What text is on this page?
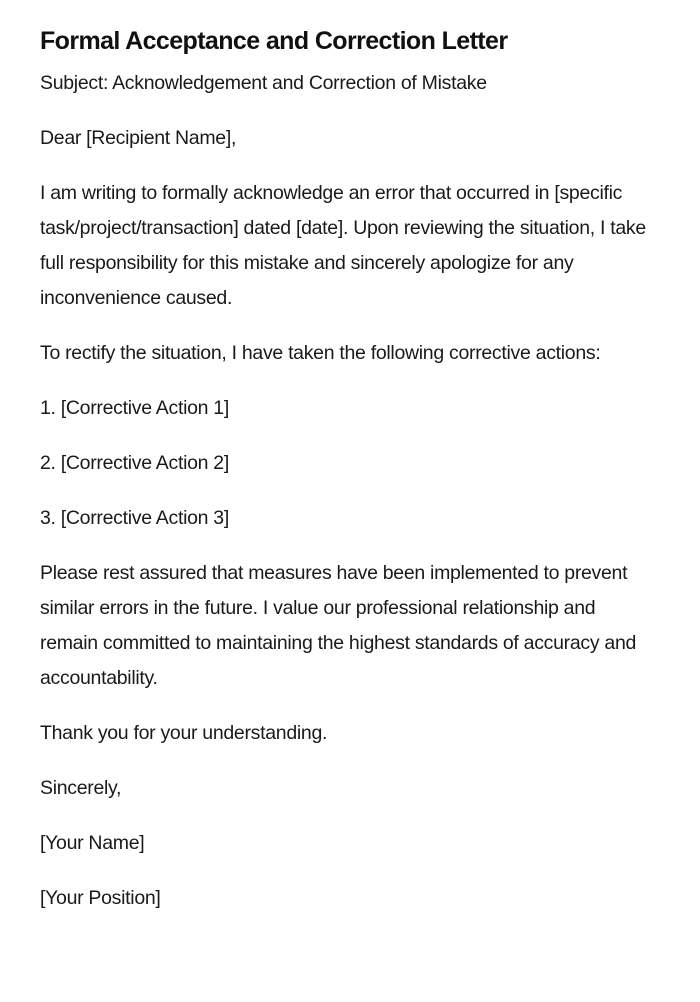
Formal Acceptance and Correction Letter

Subject: Acknowledgement and Correction of Mistake

Dear [Recipient Name],

I am writing to formally acknowledge an error that occurred in [specific task/project/transaction] dated [date]. Upon reviewing the situation, I take full responsibility for this mistake and sincerely apologize for any inconvenience caused.

To rectify the situation, I have taken the following corrective actions:

1. [Corrective Action 1]

2. [Corrective Action 2]

3. [Corrective Action 3]

Please rest assured that measures have been implemented to prevent similar errors in the future. I value our professional relationship and remain committed to maintaining the highest standards of accuracy and accountability.

Thank you for your understanding.

Sincerely,

[Your Name]

[Your Position]
